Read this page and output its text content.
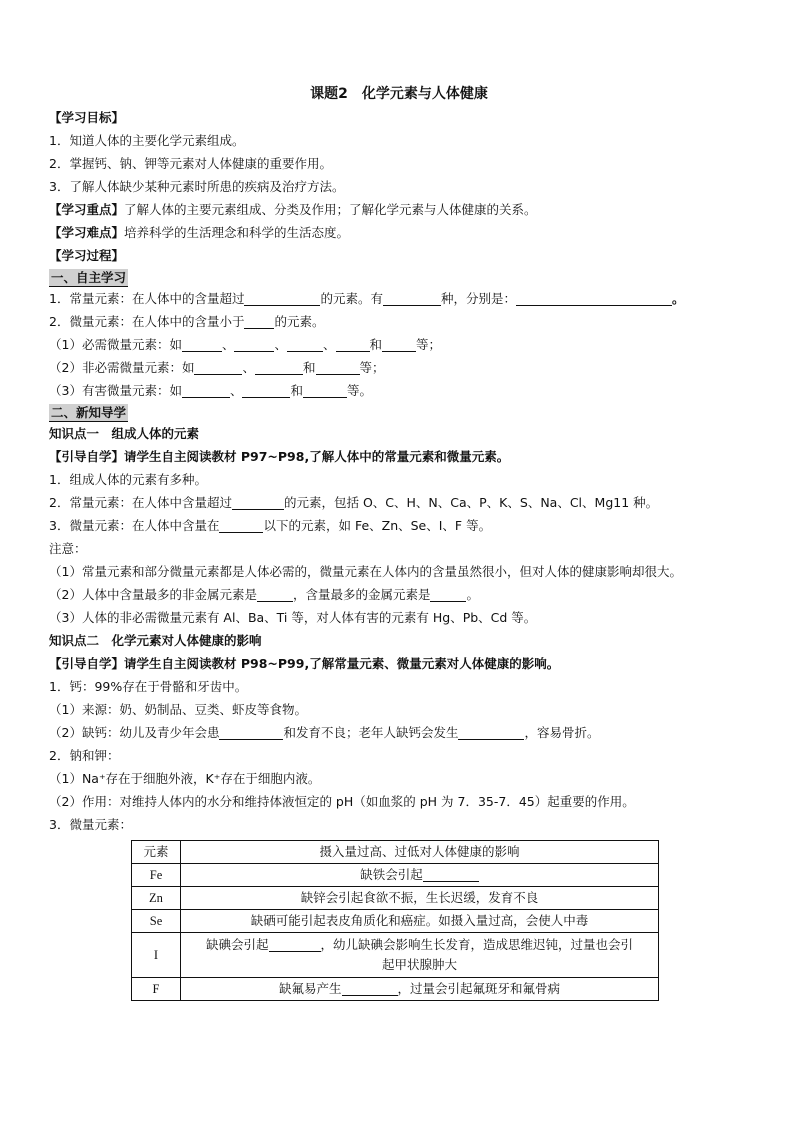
课题2　化学元素与人体健康
【学习目标】
1．知道人体的主要化学元素组成。
2．掌握钙、钠、钾等元素对人体健康的重要作用。
3．了解人体缺少某种元素时所患的疾病及治疗方法。
【学习重点】了解人体的主要元素组成、分类及作用；了解化学元素与人体健康的关系。
【学习难点】培养科学的生活理念和科学的生活态度。
【学习过程】
一、自主学习
1．常量元素：在人体中的含量超过	的元素。有	种，分别是：	。
2．微量元素：在人体中的含量小于 的元素。
（1）必需微量元素：如	、	、	、	和	等；
（2）非必需微量元素：如	、	和	等；
（3）有害微量元素：如	、	和	等。
二、新知导学
知识点一　组成人体的元素
【引导自学】请学生自主阅读教材 P97~P98,了解人体中的常量元素和微量元素。
1．组成人体的元素有多种。
2．常量元素：在人体中含量超过	的元素，包括 O、C、H、N、Ca、P、K、S、Na、Cl、Mg11 种。
3．微量元素：在人体中含量在	以下的元素，如 Fe、Zn、Se、I、F 等。
注意：
（1）常量元素和部分微量元素都是人体必需的，微量元素在人体内的含量虽然很小，但对人体的健康影响却很大。
（2）人体中含量最多的非金属元素是	，含量最多的金属元素是	。
（3）人体的非必需微量元素有 Al、Ba、Ti 等，对人体有害的元素有 Hg、Pb、Cd 等。
知识点二　化学元素对人体健康的影响
【引导自学】请学生自主阅读教材 P98~P99,了解常量元素、微量元素对人体健康的影响。
1．钙：99%存在于骨骼和牙齿中。
（1）来源：奶、奶制品、豆类、虾皮等食物。
（2）缺钙：幼儿及青少年会患	和发育不良；老年人缺钙会发生	，容易骨折。
2．钠和钾：
（1）Na⁺存在于细胞外液，K⁺存在于细胞内液。
（2）作用：对维持人体内的水分和维持体液恒定的 pH（如血浆的 pH 为 7．35-7．45）起重要的作用。
3．微量元素：
元素	摄入量过高、过低对人体健康的影响
Fe	缺铁会引起
Zn	缺锌会引起食欲不振，生长迟缓，发育不良
Se	缺硒可能引起表皮角质化和癌症。如摄入量过高，会使人中毒
I	缺碘会引起 ，幼儿缺碘会影响生长发育，造成思维迟钝，过量也会引
起甲状腺肿大
F	缺氟易产生 ，过量会引起氟斑牙和氟骨病
